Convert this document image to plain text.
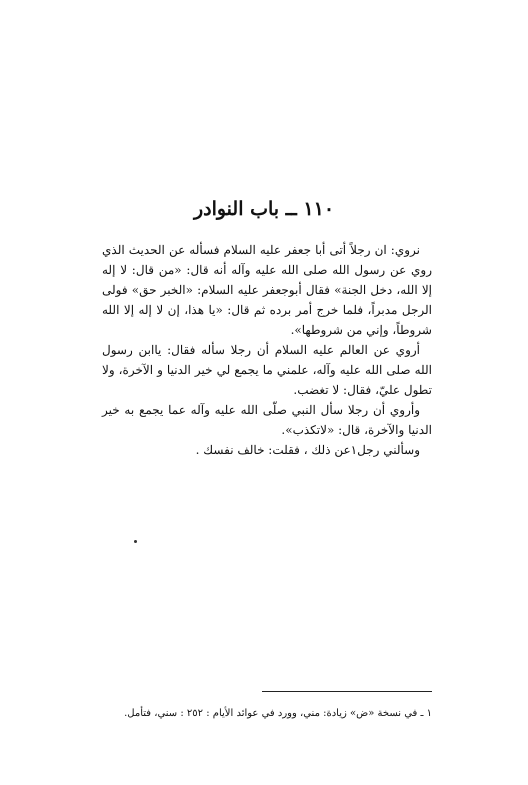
١١٠ ــ باب النوادر

نروي: ان رجلاً أتى أبا جعفر عليه السلام فسأله عن الحديث الذي روي عن رسول الله صلى الله عليه وآله أنه قال: «من قال: لا إله إلا الله، دخل الجنة» فقال أبوجعفر عليه السلام: «الخبر حق» فولى الرجل مدبراً، فلما خرج أمر برده ثم قال: «يا هذا، إن لا إله إلا الله شروطاً، وإني من شروطها».

أروي عن العالم عليه السلام أن رجلا سأله فقال: ياابن رسول الله صلى الله عليه وآله، علمني ما يجمع لي خير الدنيا و الآخرة، ولا تطول عليّ، فقال: لا تغضب.

وأروي أن رجلا سأل النبي صلّى الله عليه وآله عما يجمع به خير الدنيا والآخرة، قال: «لاتكذب».

وسألني رجل١عن ذلك ، فقلت: خالف نفسك .

١ ـ في نسخة «ض» زيادة: مني، وورد في عوائد الأيام : ٢٥٢ : سني، فتأمل.
